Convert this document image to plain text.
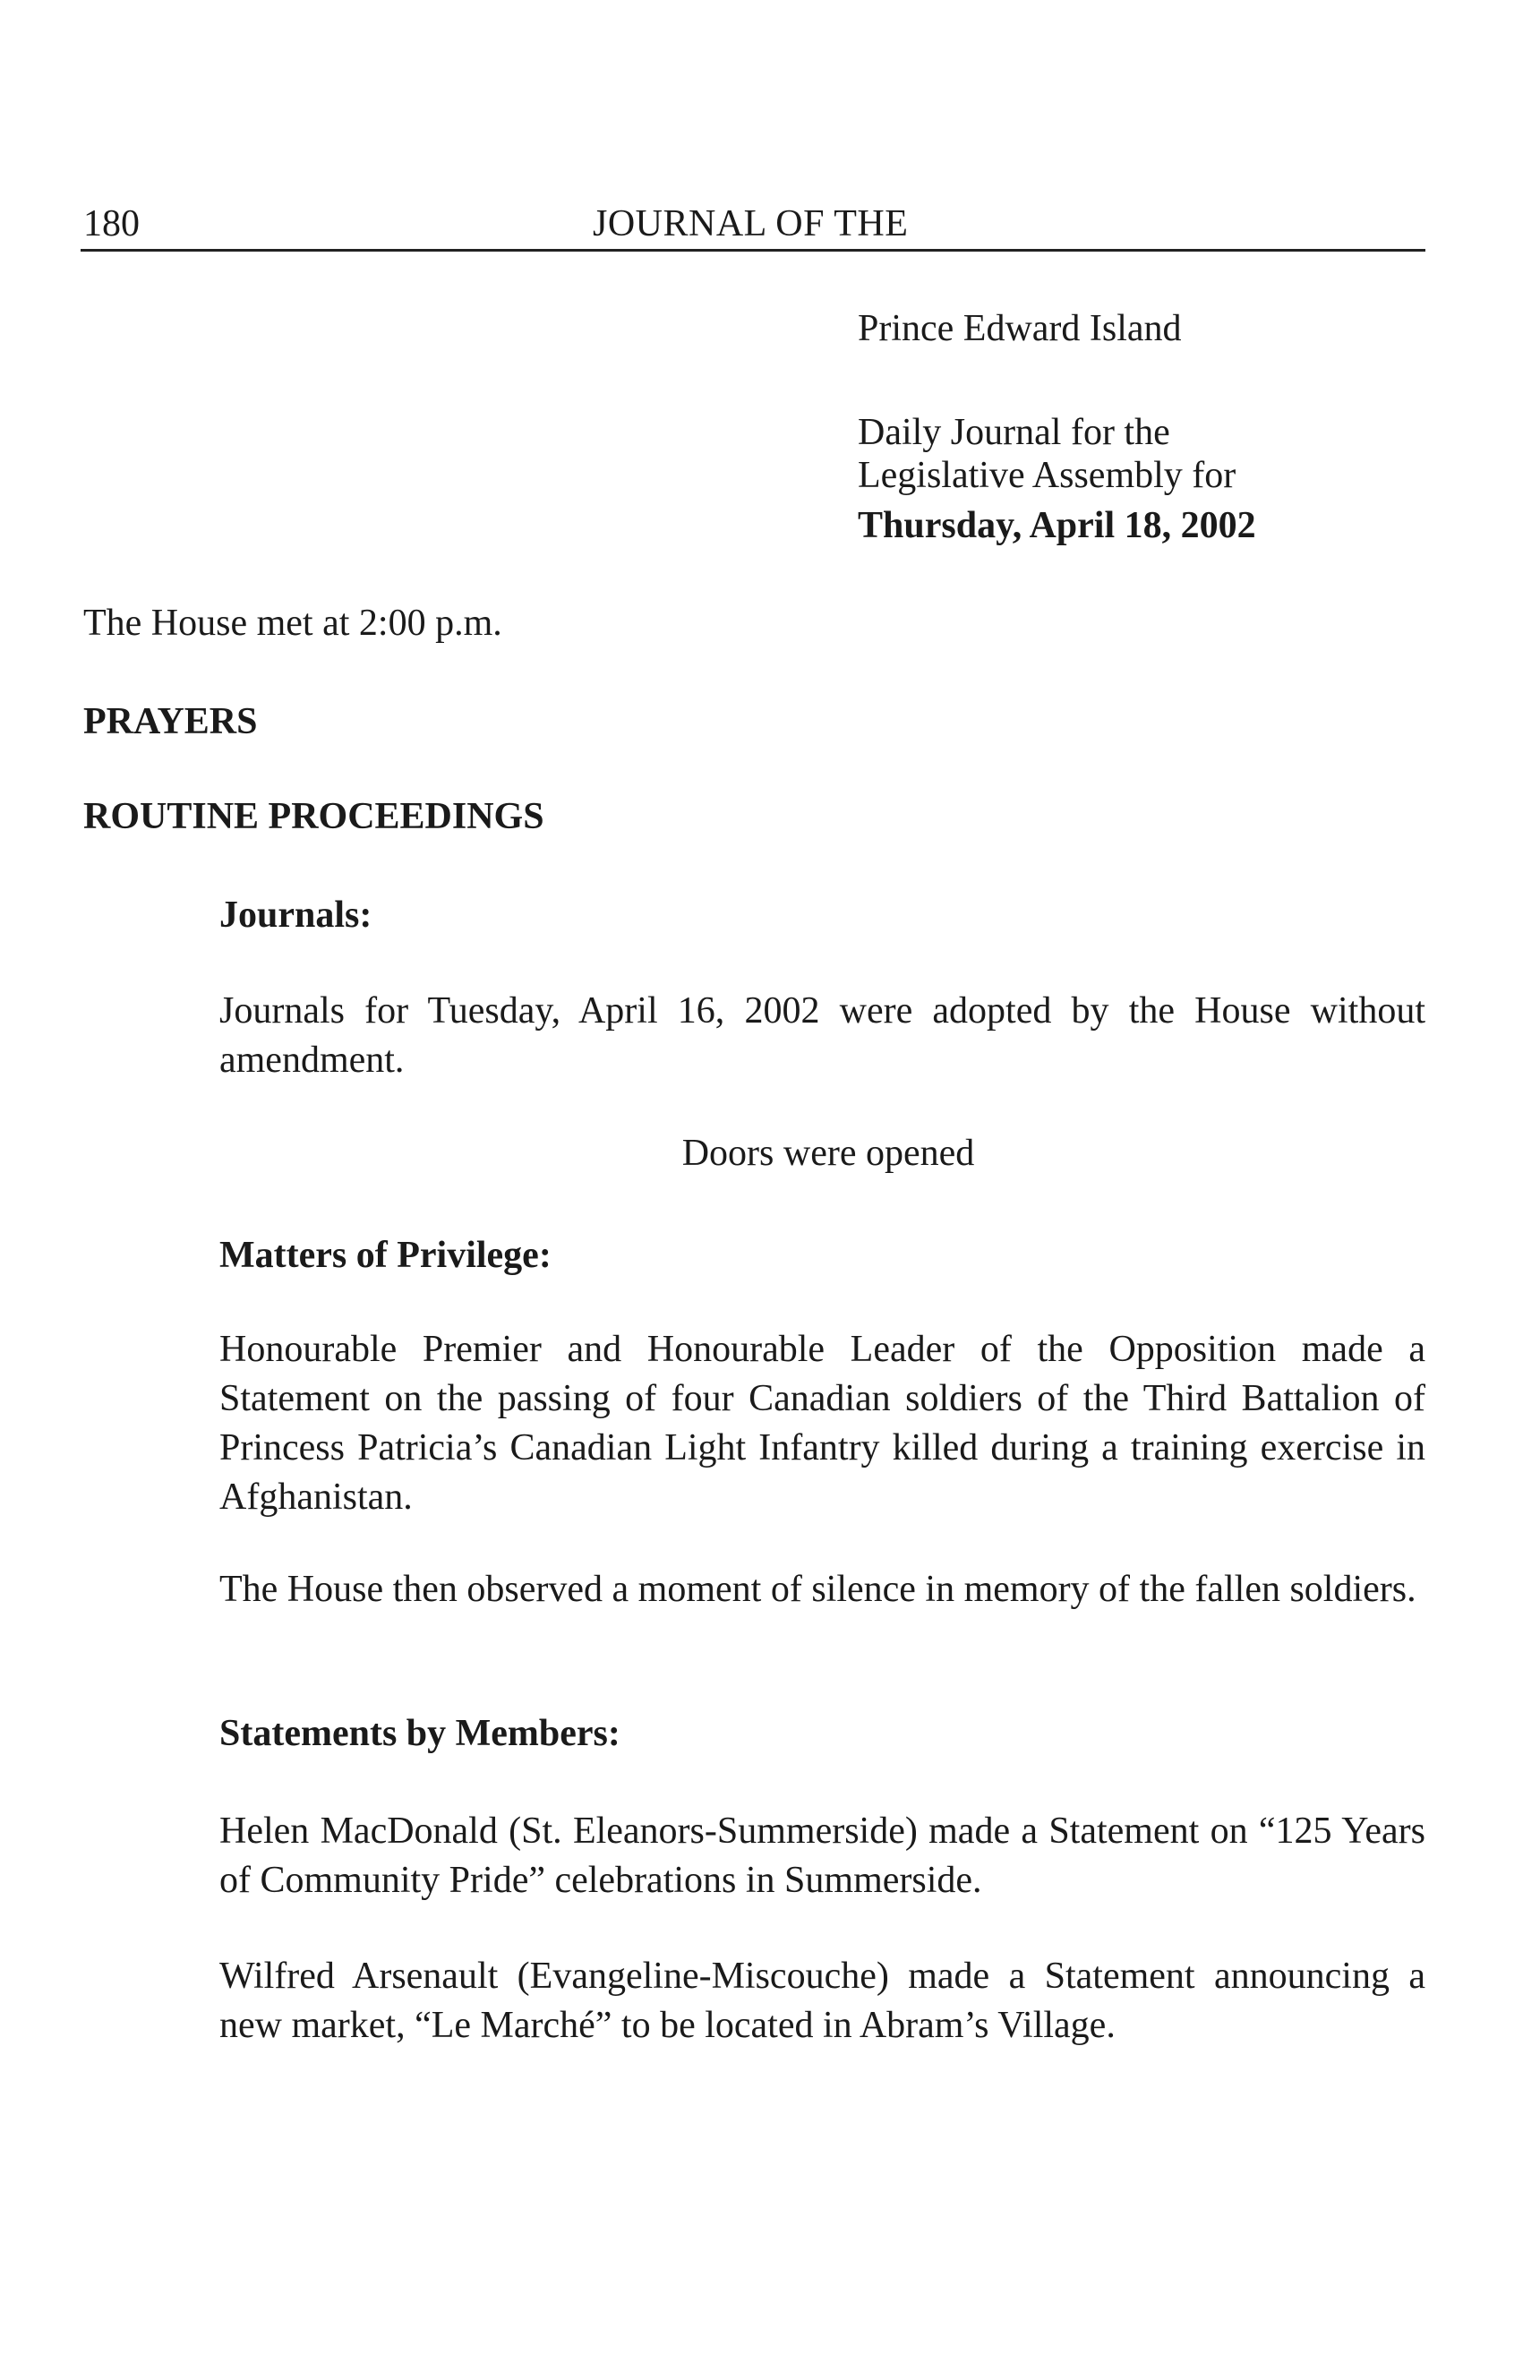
180	JOURNAL OF THE
Prince Edward Island
Daily Journal for the
Legislative Assembly for
Thursday, April 18, 2002
The House met at 2:00 p.m.
PRAYERS
ROUTINE PROCEEDINGS
Journals:
Journals for Tuesday, April 16, 2002 were adopted by the House without amendment.
Doors were opened
Matters of Privilege:
Honourable Premier and Honourable Leader of the Opposition made a Statement on the passing of four Canadian soldiers of the Third Battalion of Princess Patricia’s Canadian Light Infantry killed during a training exercise in Afghanistan.
The House then observed a moment of silence in memory of the fallen soldiers.
Statements by Members:
Helen MacDonald (St. Eleanors-Summerside) made a Statement on “125 Years of Community Pride” celebrations in Summerside.
Wilfred Arsenault (Evangeline-Miscouche) made a Statement announcing a new market, “Le Marché” to be located in Abram’s Village.
